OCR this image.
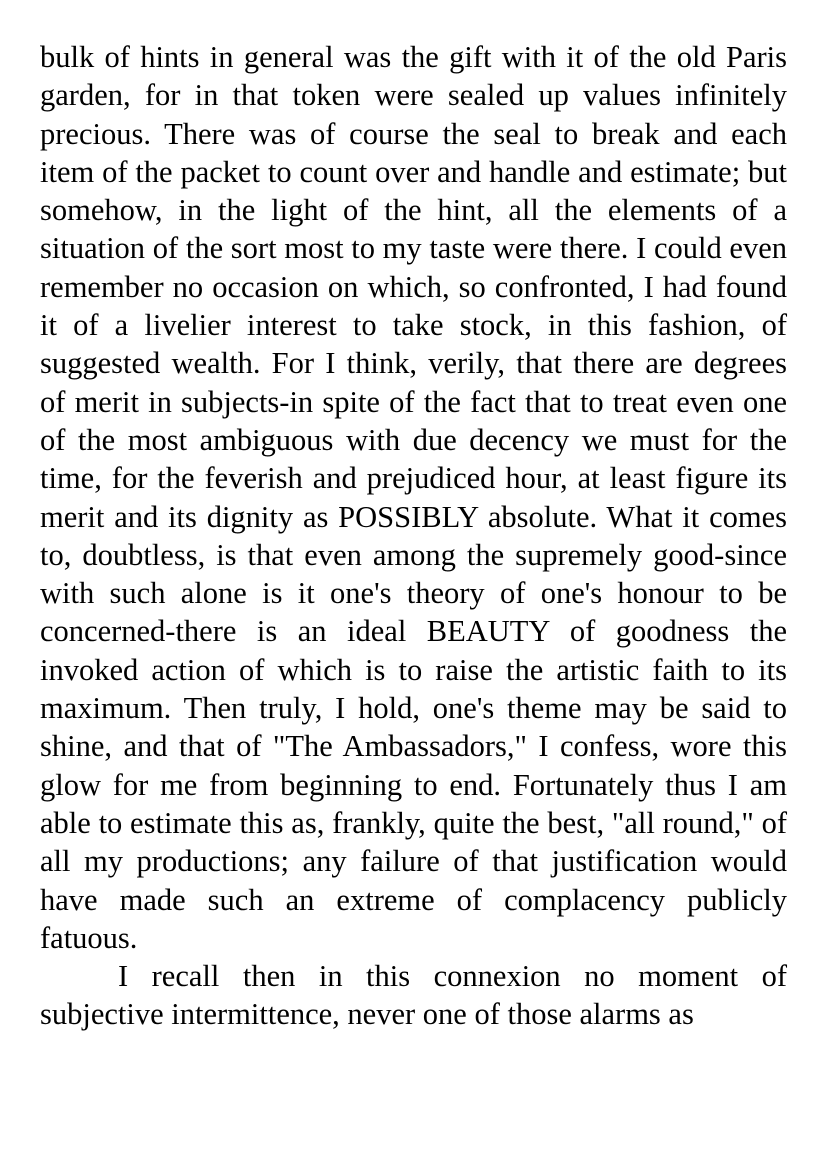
bulk of hints in general was the gift with it of the old Paris garden, for in that token were sealed up values infinitely precious. There was of course the seal to break and each item of the packet to count over and handle and estimate; but somehow, in the light of the hint, all the elements of a situation of the sort most to my taste were there. I could even remember no occasion on which, so confronted, I had found it of a livelier interest to take stock, in this fashion, of suggested wealth. For I think, verily, that there are degrees of merit in subjects-in spite of the fact that to treat even one of the most ambiguous with due decency we must for the time, for the feverish and prejudiced hour, at least figure its merit and its dignity as POSSIBLY absolute. What it comes to, doubtless, is that even among the supremely good-since with such alone is it one's theory of one's honour to be concerned-there is an ideal BEAUTY of goodness the invoked action of which is to raise the artistic faith to its maximum. Then truly, I hold, one's theme may be said to shine, and that of "The Ambassadors," I confess, wore this glow for me from beginning to end. Fortunately thus I am able to estimate this as, frankly, quite the best, "all round," of all my productions; any failure of that justification would have made such an extreme of complacency publicly fatuous.

I recall then in this connexion no moment of subjective intermittence, never one of those alarms as
